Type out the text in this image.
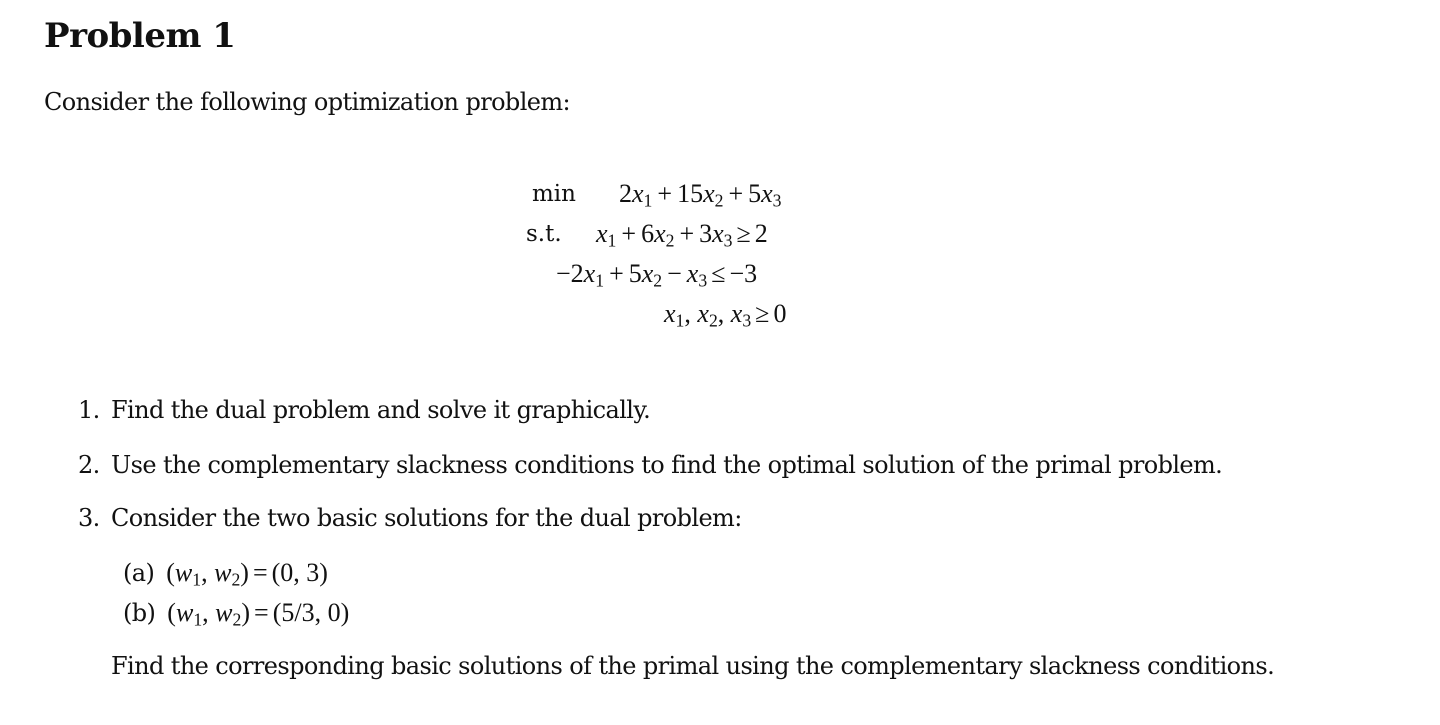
Problem 1
Consider the following optimization problem:
min
s.t.
$2x_1 + 15x_2 + 5x_3$
$x_1 + 6x_2 + 3x_3 \ge 2$
$-2x_1 + 5x_2 - x_3 \le -3$
$x_1$, $x_2$, $x_3 \ge 0$
1. Find the dual problem and solve it graphically.
2. Use the complementary slackness conditions to find the optimal solution of the primal problem.
3. Consider the two basic solutions for the dual problem:
(a) ($w_1$, $w_2) = (0$, 3)
(b) ($w_1$, $w_2) = (5/3$, 0)
Find the corresponding basic solutions of the primal using the complementary slackness conditions.
